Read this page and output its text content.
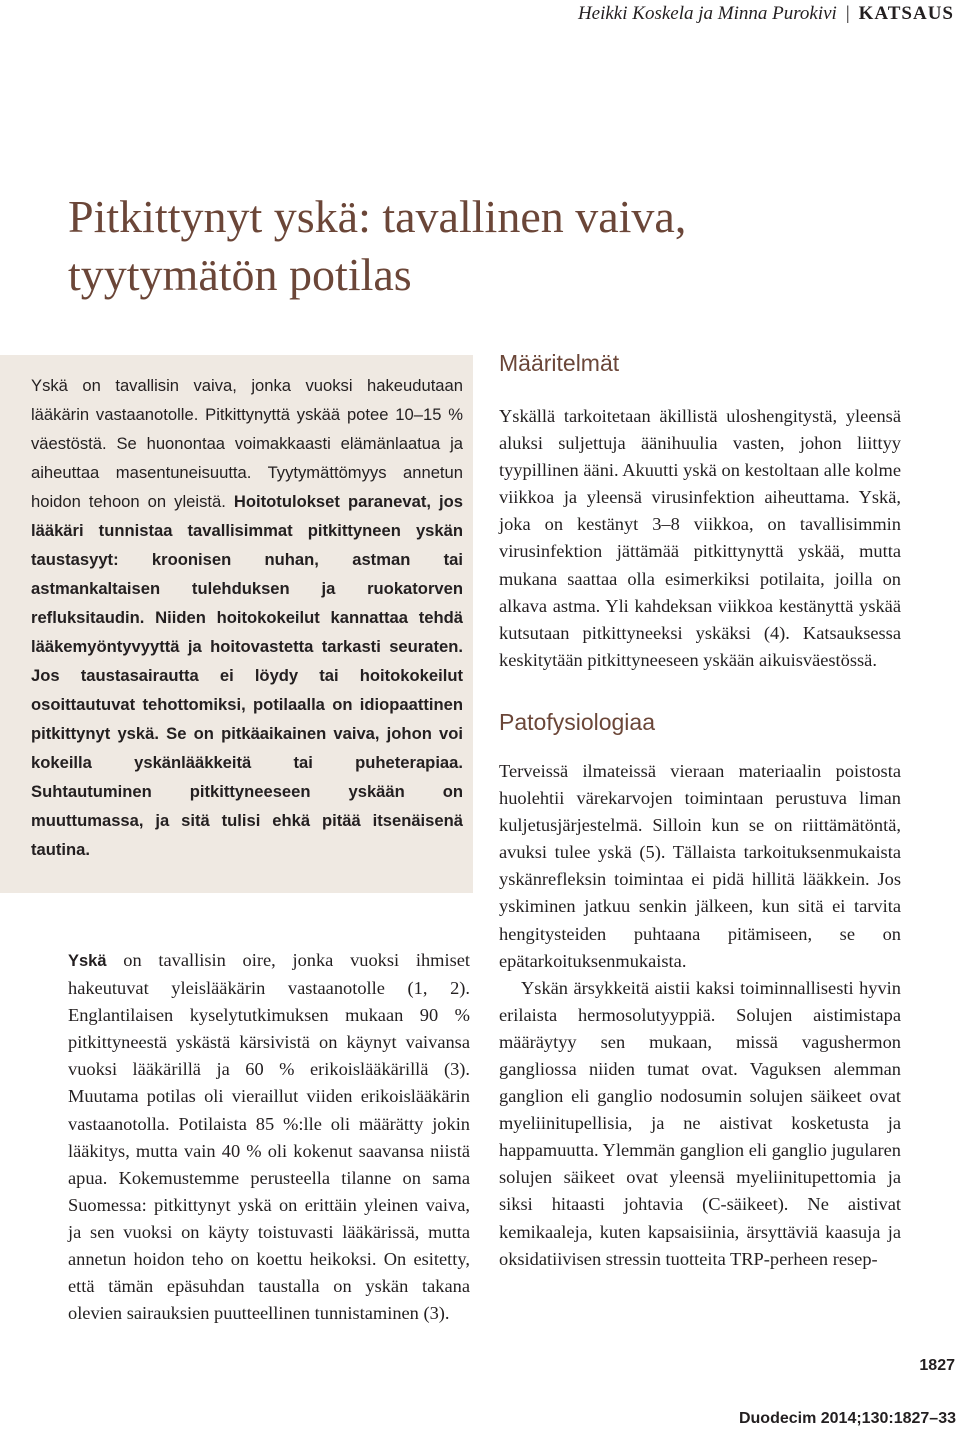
Heikki Koskela ja Minna Purokivi | KATSAUS
Pitkittynyt yskä: tavallinen vaiva,
tyytymätön potilas

Yskä on tavallisin vaiva, jonka vuoksi hakeudutaan lääkärin vastaanotolle. Pitkittynyttä yskää potee 10–15 % väestöstä. Se huonontaa voimakkaasti elämänlaatua ja aiheuttaa masentuneisuutta. Tyytymättömyys annetun hoidon tehoon on yleistä. Hoitotulokset paranevat, jos lääkäri tunnistaa tavallisimmat pitkittyneen yskän taustasyyt: kroonisen nuhan, astman tai astmankaltaisen tulehduksen ja ruokatorven refluksitaudin. Niiden hoitokokeilut kannattaa tehdä lääkemyöntyvyyttä ja hoitovastetta tarkasti seuraten. Jos taustasairautta ei löydy tai hoitokokeilut osoittautuvat tehottomiksi, potilaalla on idiopaattinen pitkittynyt yskä. Se on pitkäaikainen vaiva, johon voi kokeilla yskänlääkkeitä tai puheterapiaa. Suhtautuminen pitkittyneeseen yskään on muuttumassa, ja sitä tulisi ehkä pitää itsenäisenä tautina.

Yskä on tavallisin oire, jonka vuoksi ihmiset hakeutuvat yleislääkärin vastaanotolle (1, 2). Englantilaisen kyselytutkimuksen mukaan 90 % pitkittyneestä yskästä kärsivistä on käynyt vaivansa vuoksi lääkärillä ja 60 % erikoislääkärillä (3). Muutama potilas oli vieraillut viiden erikoislääkärin vastaanotolla. Potilaista 85 %:lle oli määrätty jokin lääkitys, mutta vain 40 % oli kokenut saavansa niistä apua. Kokemustemme perusteella tilanne on sama Suomessa: pitkittynyt yskä on erittäin yleinen vaiva, ja sen vuoksi on käyty toistuvasti lääkärissä, mutta annetun hoidon teho on koettu heikoksi. On esitetty, että tämän epäsuhdan taustalla on yskän takana olevien sairauksien puutteellinen tunnistaminen (3).

Määritelmät

Yskällä tarkoitetaan äkillistä uloshengitystä, yleensä aluksi suljettuja äänihuulia vasten, johon liittyy tyypillinen ääni. Akuutti yskä on kestoltaan alle kolme viikkoa ja yleensä virusinfektion aiheuttama. Yskä, joka on kestänyt 3–8 viikkoa, on tavallisimmin virusinfektion jättämää pitkittynyttä yskää, mutta mukana saattaa olla esimerkiksi potilaita, joilla on alkava astma. Yli kahdeksan viikkoa kestänyttä yskää kutsutaan pitkittyneeksi yskäksi (4). Katsauksessa keskitytään pitkittyneeseen yskään aikuisväestössä.

Patofysiologiaa

Terveissä ilmateissä vieraan materiaalin poistosta huolehtii värekarvojen toimintaan perustuva liman kuljetusjärjestelmä. Silloin kun se on riittämätöntä, avuksi tulee yskä (5). Tällaista tarkoituksenmukaista yskänrefleksin toimintaa ei pidä hillitä lääkkein. Jos yskiminen jatkuu senkin jälkeen, kun sitä ei tarvita hengitysteiden puhtaana pitämiseen, se on epätarkoituksenmukaista.

Yskän ärsykkeitä aistii kaksi toiminnallisesti hyvin erilaista hermosolutyyppiä. Solujen aistimistapa määräytyy sen mukaan, missä vagushermon gangliossa niiden tumat ovat. Vaguksen alemman ganglion eli ganglio nodosumin solujen säikeet ovat myeliinitupellisia, ja ne aistivat kosketusta ja happamuutta. Ylemmän ganglion eli ganglio jugularen solujen säikeet ovat yleensä myeliinitupettomia ja siksi hitaasti johtavia (C-säikeet). Ne aistivat kemikaaleja, kuten kapsaisiinia, ärsyttäviä kaasuja ja oksidatiivisen stressin tuotteita TRP-perheen resep-

1827
Duodecim 2014;130:1827–33
